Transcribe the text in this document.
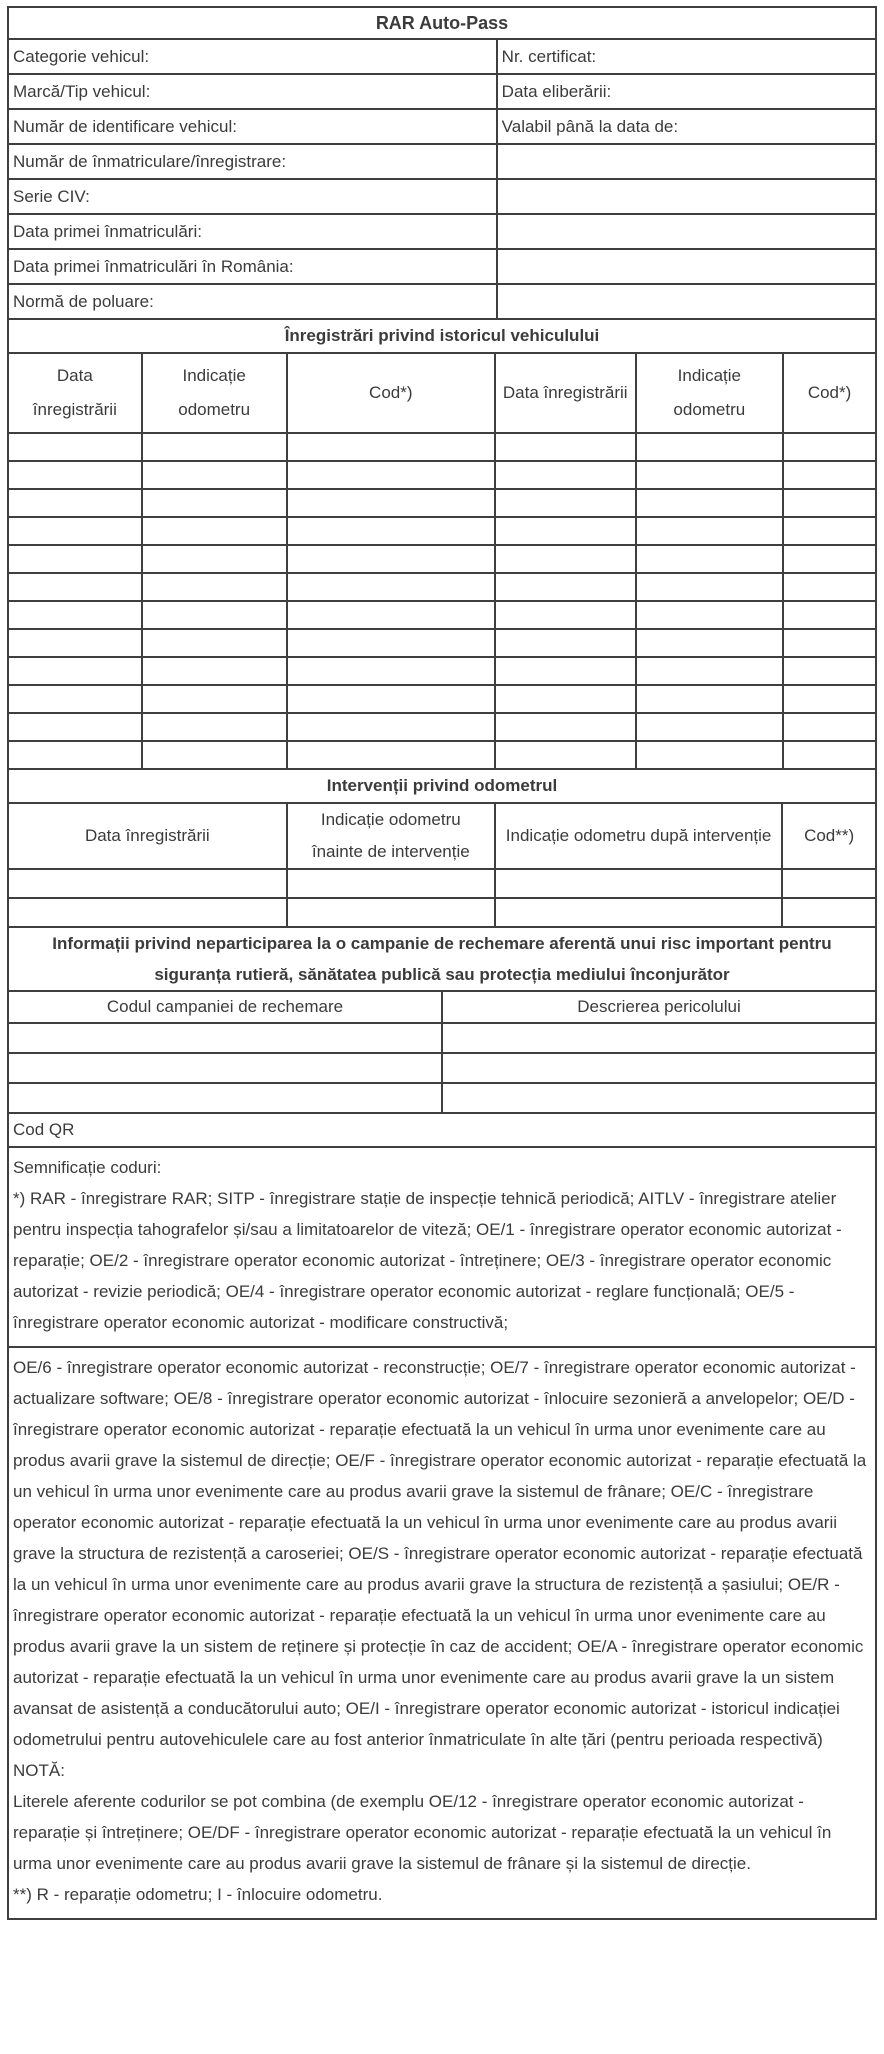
RAR Auto-Pass	
Categorie vehicul:	Nr. certificat:
Marcă/Tip vehicul:	Data eliberării:
Număr de identificare vehicul:	Valabil până la data de:
Număr de înmatriculare/înregistrare:	
Serie CIV:	
Data primei înmatriculări:	
Data primei înmatriculări în România:	
Normă de poluare:	
Înregistrări privind istoricul vehiculului					
Data înregistrării	Indicație odometru	Cod*)	Data înregistrării	Indicație odometru	Cod*)

Intervenții privind odometrul			
Data înregistrării	Indicație odometru înainte de intervenție	Indicație odometru după intervenție	Cod**)

Informații privind neparticiparea la o campanie de rechemare aferentă unui risc important pentru siguranța rutieră, sănătatea publică sau protecția mediului înconjurător	
Codul campaniei de rechemare	Descrierea pericolului

Cod QR

Semnificație coduri:

*) RAR - înregistrare RAR; SITP - înregistrare stație de inspecție tehnică periodică; AITLV - înregistrare atelier pentru inspecția tahografelor și/sau a limitatoarelor de viteză; OE/1 - înregistrare operator economic autorizat - reparație; OE/2 - înregistrare operator economic autorizat - întreținere; OE/3 - înregistrare operator economic autorizat - revizie periodică; OE/4 - înregistrare operator economic autorizat - reglare funcțională; OE/5 - înregistrare operator economic autorizat - modificare constructivă;

OE/6 - înregistrare operator economic autorizat - reconstrucție; OE/7 - înregistrare operator economic autorizat - actualizare software; OE/8 - înregistrare operator economic autorizat - înlocuire sezonieră a anvelopelor; OE/D - înregistrare operator economic autorizat - reparație efectuată la un vehicul în urma unor evenimente care au produs avarii grave la sistemul de direcție; OE/F - înregistrare operator economic autorizat - reparație efectuată la un vehicul în urma unor evenimente care au produs avarii grave la sistemul de frânare; OE/C - înregistrare operator economic autorizat - reparație efectuată la un vehicul în urma unor evenimente care au produs avarii grave la structura de rezistență a caroseriei; OE/S - înregistrare operator economic autorizat - reparație efectuată la un vehicul în urma unor evenimente care au produs avarii grave la structura de rezistență a șasiului; OE/R - înregistrare operator economic autorizat - reparație efectuată la un vehicul în urma unor evenimente care au produs avarii grave la un sistem de reținere și protecție în caz de accident; OE/A - înregistrare operator economic autorizat - reparație efectuată la un vehicul în urma unor evenimente care au produs avarii grave la un sistem avansat de asistență a conducătorului auto; OE/I - înregistrare operator economic autorizat - istoricul indicației odometrului pentru autovehiculele care au fost anterior înmatriculate în alte țări (pentru perioada respectivă)

NOTĂ:

Literele aferente codurilor se pot combina (de exemplu OE/12 - înregistrare operator economic autorizat - reparație și întreținere; OE/DF - înregistrare operator economic autorizat - reparație efectuată la un vehicul în urma unor evenimente care au produs avarii grave la sistemul de frânare și la sistemul de direcție.

**) R - reparație odometru; I - înlocuire odometru.
